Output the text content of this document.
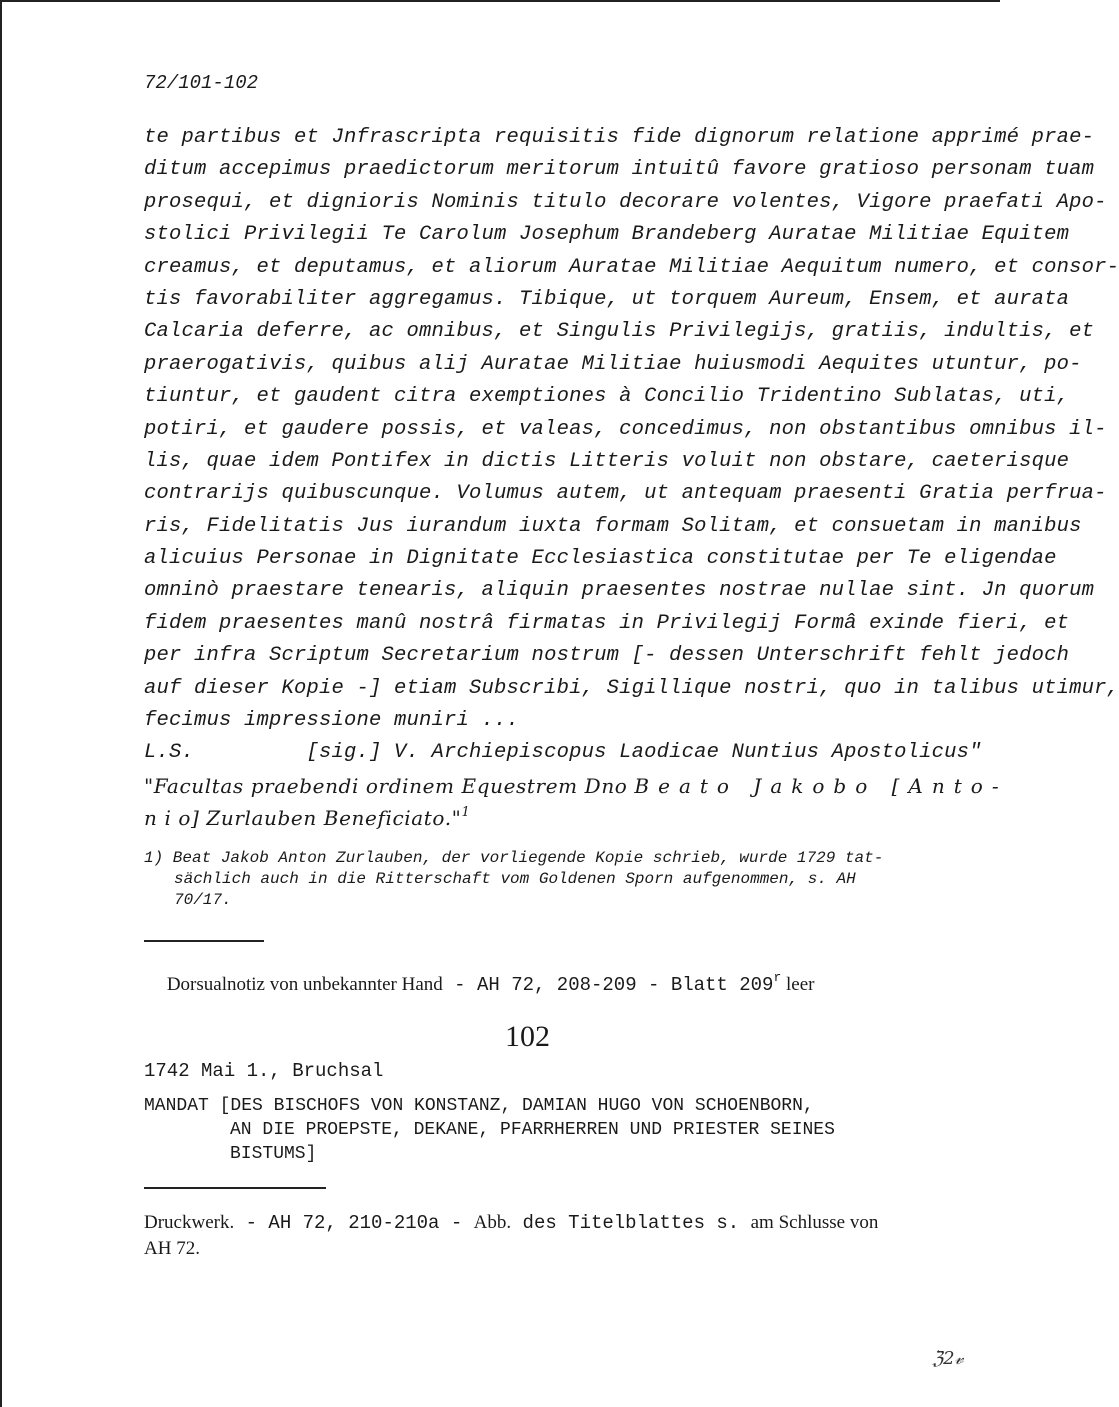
72/101-102
te partibus et Jnfrascripta requisitis fide dignorum relatione apprimé prae-
ditum accepimus praedictorum meritorum intuitû favore gratioso personam tuam
prosequi, et dignioris Nominis titulo decorare volentes, Vigore praefati Apo-
stolici Privilegii Te Carolum Josephum Brandeberg Auratae Militiae Equitem
creamus, et deputamus, et aliorum Auratae Militiae Aequitum numero, et consor-
tis favorabiliter aggregamus. Tibique, ut torquem Aureum, Ensem, et aurata
Calcaria deferre, ac omnibus, et Singulis Privilegijs, gratiis, indultis, et
praerogativis, quibus alij Auratae Militiae huiusmodi Aequites utuntur, po-
tiuntur, et gaudent citra exemptiones à Concilio Tridentino Sublatas, uti,
potiri, et gaudere possis, et valeas, concedimus, non obstantibus omnibus il-
lis, quae idem Pontifex in dictis Litteris voluit non obstare, caeterisque
contrarijs quibuscunque. Volumus autem, ut antequam praesenti Gratia perfrua-
ris, Fidelitatis Jus iurandum iuxta formam Solitam, et consuetam in manibus
alicuius Personae in Dignitate Ecclesiastica constitutae per Te eligendae
omninò praestare tenearis, aliquin praesentes nostrae nullae sint. Jn quorum
fidem praesentes manû nostrâ firmatas in Privilegij Formâ exinde fieri, et
per infra Scriptum Secretarium nostrum [- dessen Unterschrift fehlt jedoch
auf dieser Kopie -] etiam Subscribi, Sigillique nostri, quo in talibus utimur,
fecimus impressione muniri ...
L.S.         [sig.] V. Archiepiscopus Laodicae Nuntius Apostolicus"
"Facultas praebendi ordinem Equestrem Dno Beato Jakobo [Anto-
n i o] Zurlauben Beneficiato."$^1$
1) Beat Jakob Anton Zurlauben, der vorliegende Kopie schrieb, wurde 1729 tat-
sächlich auch in die Ritterschaft vom Goldenen Sporn aufgenommen, s. AH
70/17.

Dorsualnotiz von unbekannter Hand - AH 72, 208-209 - Blatt 209$^r$ leer

102
1742 Mai 1., Bruchsal
MANDAT [DES BISCHOFS VON KONSTANZ, DAMIAN HUGO VON SCHOENBORN,
AN DIE PROEPSTE, DEKANE, PFARRHERREN UND PRIESTER SEINES
BISTUMS]
Druckwerk. - AH 72, 210-210a - Abb. des Titelblattes s. am Schlusse von
AH 72.
ℨ2𝓋
